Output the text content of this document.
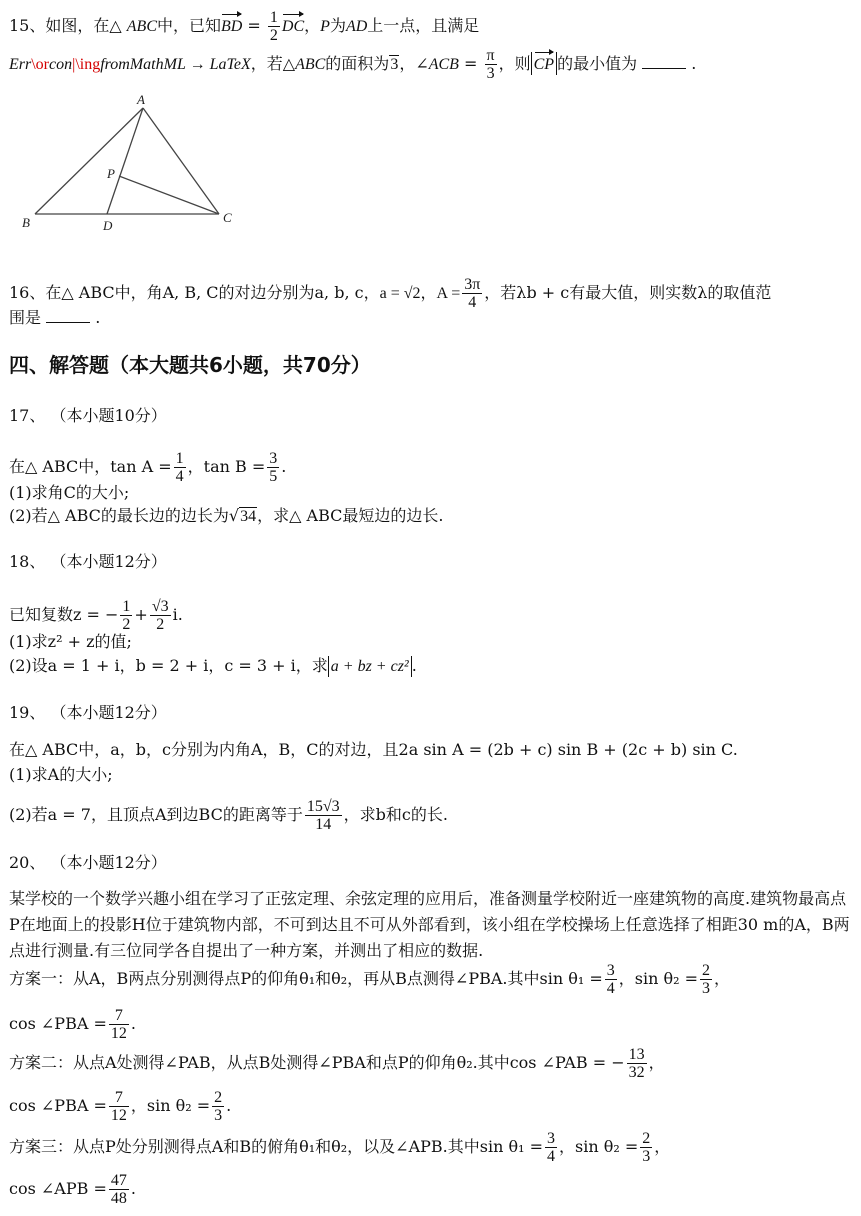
15、如图，在△ ABC中，已知BD = $\frac{1}{2}$ DC，P为AD上一点，且满足
Err\orcon|\ingfromMathML → LaTeX，若△ABC的面积为3，∠ACB = $\frac{\pi}{3}$ ，则 CP 的最小值为	.
A
B	C
D
P
16、在△ ABC中，角A, B, C的对边分别为a, b, c，a = √2，$A = \frac{3\pi}{4}$ ，若λb + c有最大值，则实数λ的取值范
围是	.
四、解答题（本大题共6小题，共70分）
17、 （本小题10分）
在△ ABC中，$\tan A = \frac{1}{4}$ ，$\tan B = \frac{3}{5}$ .
(1)求角C的大小;
(2)若△ ABC的最长边的边长为√34，求△ ABC最短边的边长.
18、 （本小题12分）
已知复数z = − $\frac{1}{2} + \frac{√3}{2} i$.
(1)求z² + z的值;
(2)设a = 1 + i，b = 2 + i，c = 3 + i，求 a + bz + cz² .
19、 （本小题12分）
在△ ABC中，a，b，c分别为内角A，B，C的对边，且2a sin A = (2b + c) sin B + (2c + b) sin C.
(1)求A的大小;
(2)若a = 7，且顶点A到边BC的距离等于 $\frac{15√3}{14}$ ，求b和c的长.
20、 （本小题12分）
某学校的一个数学兴趣小组在学习了正弦定理、余弦定理的应用后，准备测量学校附近一座建筑物的高度.建筑物最高点P在地面上的投影H位于建筑物内部，不可到达且不可从外部看到，该小组在学校操场上任意选择了相距30 m的A，B两点进行测量.有三位同学各自提出了一种方案，并测出了相应的数据.
方案一：从A，B两点分别测得点P的仰角θ₁和θ₂，再从B点测得∠PBA.其中$\sin \theta_1 = \frac{3}{4}$ ，$\sin \theta_2 = \frac{2}{3}$ ，
cos ∠PBA = $\frac{7}{12}$ .
方案二：从点A处测得∠PAB，从点B处测得∠PBA和点P的仰角θ₂.其中cos ∠PAB = − $\frac{13}{32}$ ，
cos ∠PBA = $\frac{7}{12}$ ，$\sin \theta_2 = \frac{2}{3}$ .
方案三：从点P处分别测得点A和B的俯角θ₁和θ₂，以及∠APB.其中$\sin \theta_1 = \frac{3}{4}$ ，$\sin \theta_2 = \frac{2}{3}$ ，
cos ∠APB = $\frac{47}{48}$ .
